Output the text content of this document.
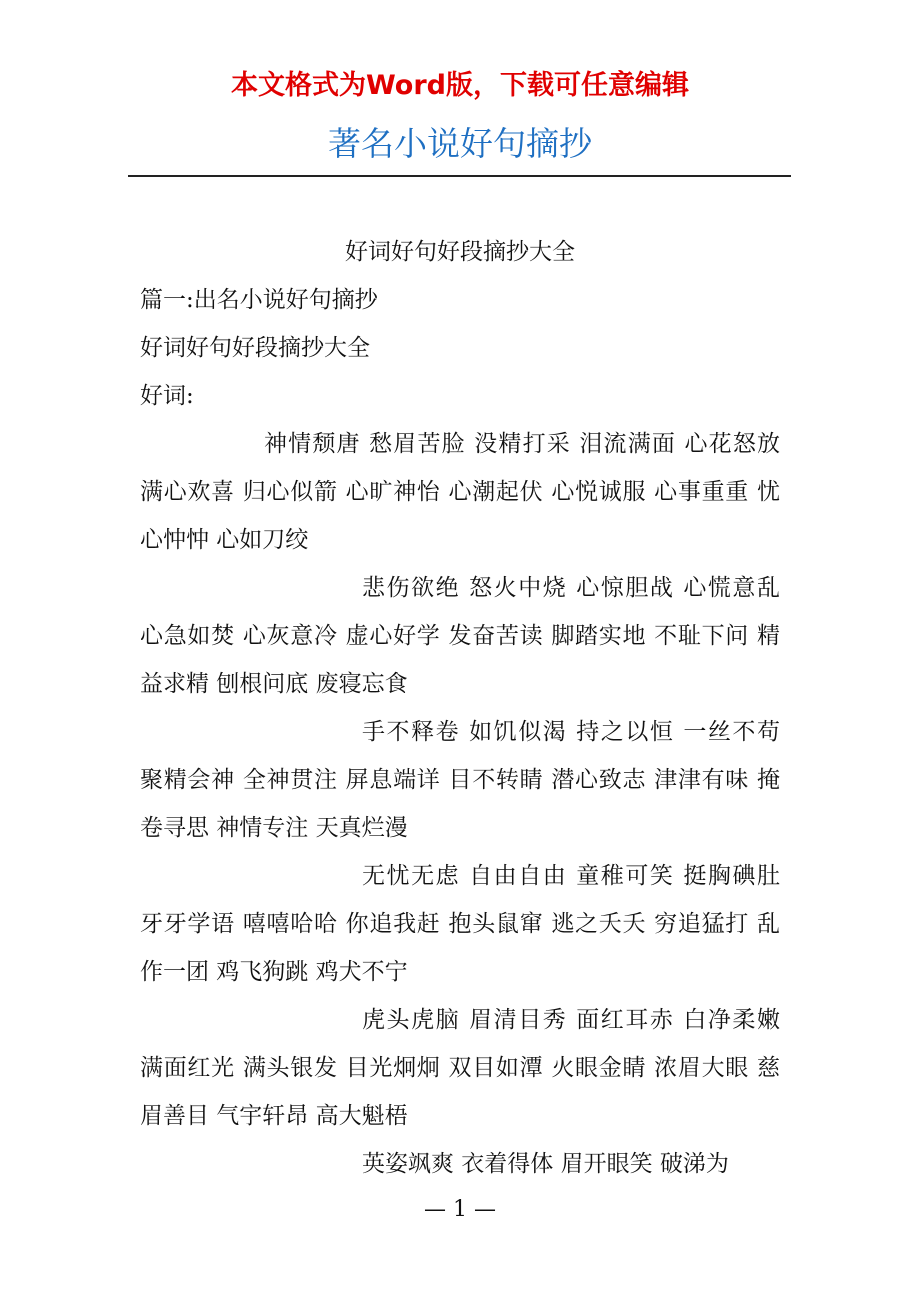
本文格式为Word版，下载可任意编辑
著名小说好句摘抄

好词好句好段摘抄大全

篇一:出名小说好句摘抄

好词好句好段摘抄大全

好词:

神情颓唐 愁眉苦脸 没精打采 泪流满面 心花怒放 满心欢喜 归心似箭 心旷神怡 心潮起伏 心悦诚服 心事重重 忧心忡忡 心如刀绞

悲伤欲绝 怒火中烧 心惊胆战 心慌意乱 心急如焚 心灰意冷 虚心好学 发奋苦读 脚踏实地 不耻下问 精益求精 刨根问底 废寝忘食

手不释卷 如饥似渴 持之以恒 一丝不苟 聚精会神 全神贯注 屏息端详 目不转睛 潜心致志 津津有味 掩卷寻思 神情专注 天真烂漫

无忧无虑 自由自由 童稚可笑 挺胸碘肚 牙牙学语 嘻嘻哈哈 你追我赶 抱头鼠窜 逃之夭夭 穷追猛打 乱作一团 鸡飞狗跳 鸡犬不宁

虎头虎脑 眉清目秀 面红耳赤 白净柔嫩 满面红光 满头银发 目光炯炯 双目如潭 火眼金睛 浓眉大眼 慈眉善目 气宇轩昂 高大魁梧

英姿飒爽 衣着得体 眉开眼笑 破涕为

— 1 —
